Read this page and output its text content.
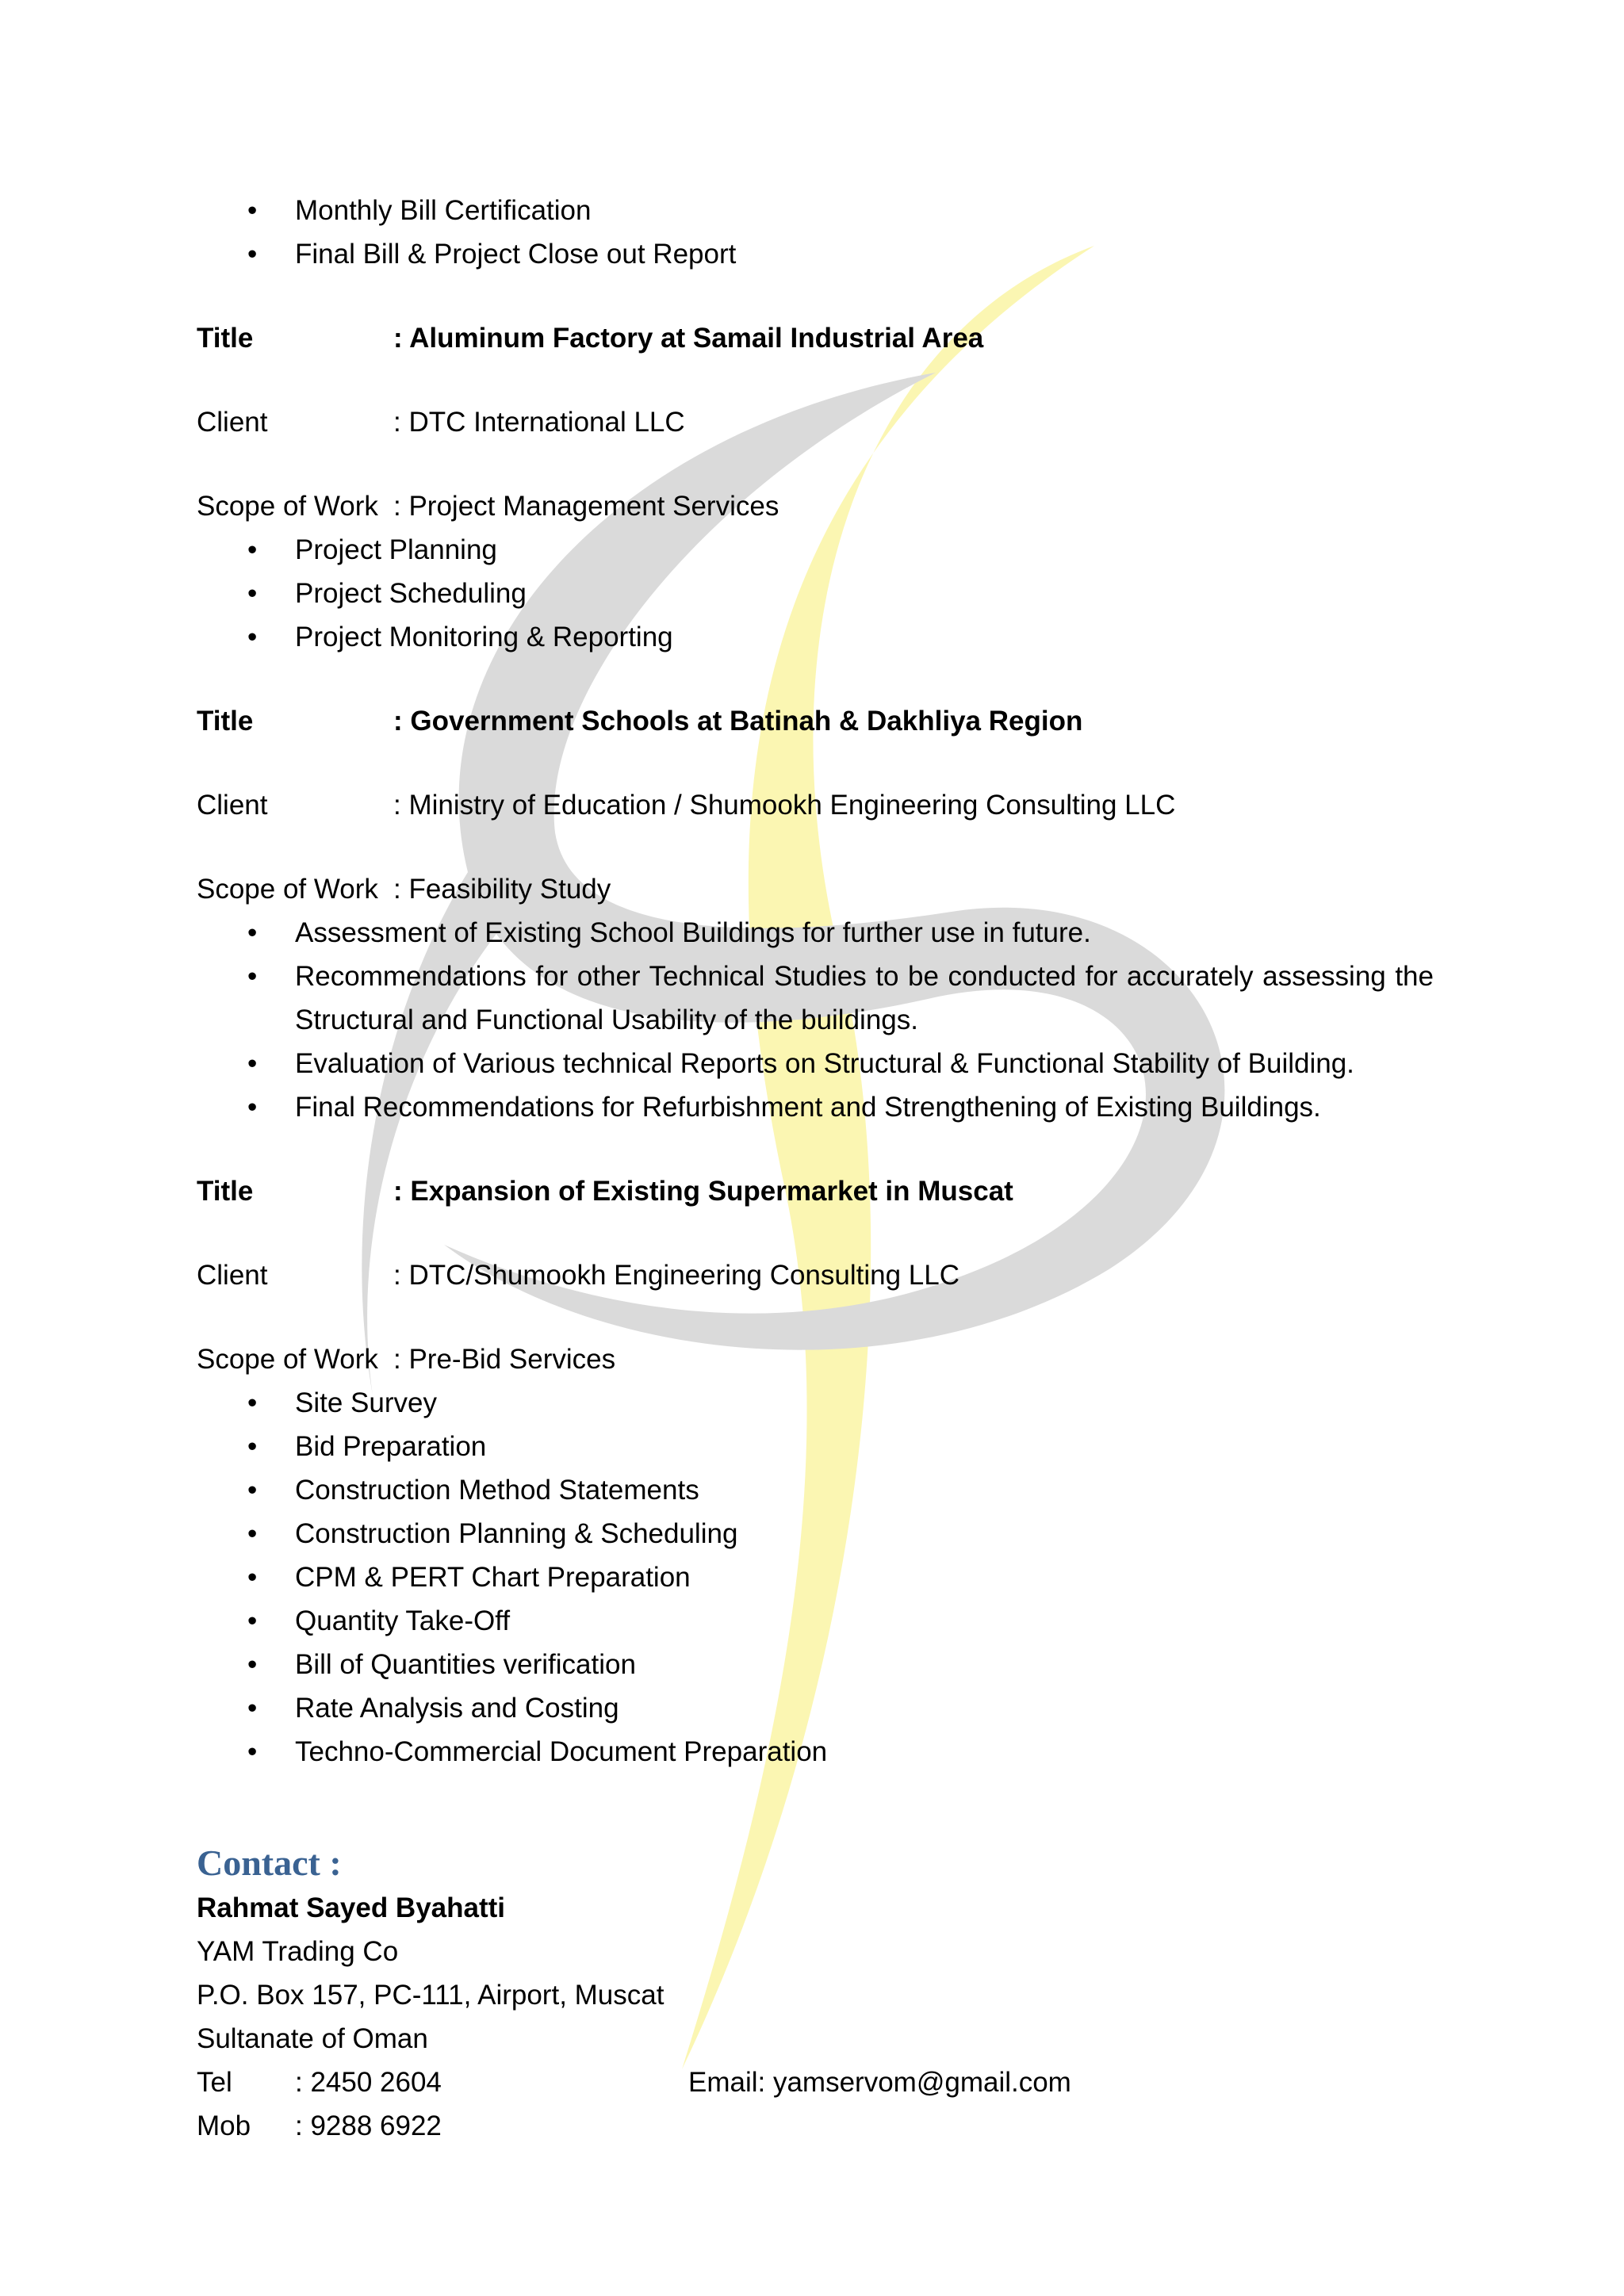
• Monthly Bill Certification
• Final Bill & Project Close out Report
Title	: Aluminum Factory at Samail Industrial Area
Client	: DTC International LLC
Scope of Work : Project Management Services
• Project Planning
• Project Scheduling
• Project Monitoring & Reporting
Title	: Government Schools at Batinah & Dakhliya Region
Client	: Ministry of Education / Shumookh Engineering Consulting LLC
Scope of Work : Feasibility Study
• Assessment of Existing School Buildings for further use in future.
• Recommendations for other Technical Studies to be conducted for accurately assessing the Structural and Functional Usability of the buildings.
• Evaluation of Various technical Reports on Structural & Functional Stability of Building.
• Final Recommendations for Refurbishment and Strengthening of Existing Buildings.
Title	: Expansion of Existing Supermarket in Muscat
Client	: DTC/Shumookh Engineering Consulting LLC
Scope of Work : Pre-Bid Services
• Site Survey
• Bid Preparation
• Construction Method Statements
• Construction Planning & Scheduling
• CPM & PERT Chart Preparation
• Quantity Take-Off
• Bill of Quantities verification
• Rate Analysis and Costing
• Techno-Commercial Document Preparation
Contact :
Rahmat Sayed Byahatti
YAM Trading Co
P.O. Box 157, PC-111, Airport, Muscat
Sultanate of Oman
Tel	: 2450 2604	Email: yamservom@gmail.com
Mob	: 9288 6922
